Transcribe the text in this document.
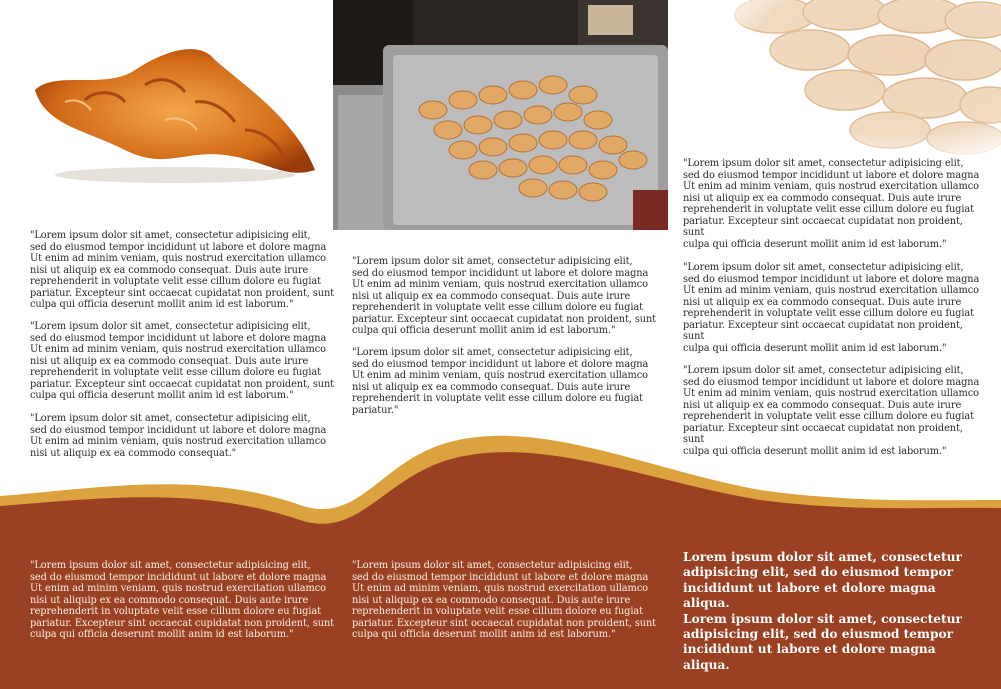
"Lorem ipsum dolor sit amet, consectetur adipisicing elit,
sed do eiusmod tempor incididunt ut labore et dolore magna
Ut enim ad minim veniam, quis nostrud exercitation ullamco
nisi ut aliquip ex ea commodo consequat. Duis aute irure
reprehenderit in voluptate velit esse cillum dolore eu fugiat
pariatur. Excepteur sint occaecat cupidatat non proident, sunt
culpa qui officia deserunt mollit anim id est laborum."

"Lorem ipsum dolor sit amet, consectetur adipisicing elit,
sed do eiusmod tempor incididunt ut labore et dolore magna
Ut enim ad minim veniam, quis nostrud exercitation ullamco
nisi ut aliquip ex ea commodo consequat. Duis aute irure
reprehenderit in voluptate velit esse cillum dolore eu fugiat
pariatur. Excepteur sint occaecat cupidatat non proident, sunt
culpa qui officia deserunt mollit anim id est laborum."

"Lorem ipsum dolor sit amet, consectetur adipisicing elit,
sed do eiusmod tempor incididunt ut labore et dolore magna
Ut enim ad minim veniam, quis nostrud exercitation ullamco
nisi ut aliquip ex ea commodo consequat."

"Lorem ipsum dolor sit amet, consectetur adipisicing elit,
sed do eiusmod tempor incididunt ut labore et dolore magna
Ut enim ad minim veniam, quis nostrud exercitation ullamco
nisi ut aliquip ex ea commodo consequat. Duis aute irure
reprehenderit in voluptate velit esse cillum dolore eu fugiat
pariatur. Excepteur sint occaecat cupidatat non proident, sunt
culpa qui officia deserunt mollit anim id est laborum."

"Lorem ipsum dolor sit amet, consectetur adipisicing elit,
sed do eiusmod tempor incididunt ut labore et dolore magna
Ut enim ad minim veniam, quis nostrud exercitation ullamco
nisi ut aliquip ex ea commodo consequat. Duis aute irure
reprehenderit in voluptate velit esse cillum dolore eu fugiat
pariatur."

"Lorem ipsum dolor sit amet, consectetur adipisicing elit,
sed do eiusmod tempor incididunt ut labore et dolore magna
Ut enim ad minim veniam, quis nostrud exercitation ullamco
nisi ut aliquip ex ea commodo consequat. Duis aute irure
reprehenderit in voluptate velit esse cillum dolore eu fugiat
pariatur. Excepteur sint occaecat cupidatat non proident,
sunt
culpa qui officia deserunt mollit anim id est laborum."

"Lorem ipsum dolor sit amet, consectetur adipisicing elit,
sed do eiusmod tempor incididunt ut labore et dolore magna
Ut enim ad minim veniam, quis nostrud exercitation ullamco
nisi ut aliquip ex ea commodo consequat. Duis aute irure
reprehenderit in voluptate velit esse cillum dolore eu fugiat
pariatur. Excepteur sint occaecat cupidatat non proident,
sunt
culpa qui officia deserunt mollit anim id est laborum."

"Lorem ipsum dolor sit amet, consectetur adipisicing elit,
sed do eiusmod tempor incididunt ut labore et dolore magna
Ut enim ad minim veniam, quis nostrud exercitation ullamco
nisi ut aliquip ex ea commodo consequat. Duis aute irure
reprehenderit in voluptate velit esse cillum dolore eu fugiat
pariatur. Excepteur sint occaecat cupidatat non proident,
sunt
culpa qui officia deserunt mollit anim id est laborum."

"Lorem ipsum dolor sit amet, consectetur adipisicing elit,
sed do eiusmod tempor incididunt ut labore et dolore magna
Ut enim ad minim veniam, quis nostrud exercitation ullamco
nisi ut aliquip ex ea commodo consequat. Duis aute irure
reprehenderit in voluptate velit esse cillum dolore eu fugiat
pariatur. Excepteur sint occaecat cupidatat non proident, sunt
culpa qui officia deserunt mollit anim id est laborum."

"Lorem ipsum dolor sit amet, consectetur adipisicing elit,
sed do eiusmod tempor incididunt ut labore et dolore magna
Ut enim ad minim veniam, quis nostrud exercitation ullamco
nisi ut aliquip ex ea commodo consequat. Duis aute irure
reprehenderit in voluptate velit esse cillum dolore eu fugiat
pariatur. Excepteur sint occaecat cupidatat non proident, sunt
culpa qui officia deserunt mollit anim id est laborum."

Lorem ipsum dolor sit amet, consectetur
adipisicing elit, sed do eiusmod tempor
incididunt ut labore et dolore magna aliqua.
Lorem ipsum dolor sit amet, consectetur
adipisicing elit, sed do eiusmod tempor
incididunt ut labore et dolore magna aliqua.
